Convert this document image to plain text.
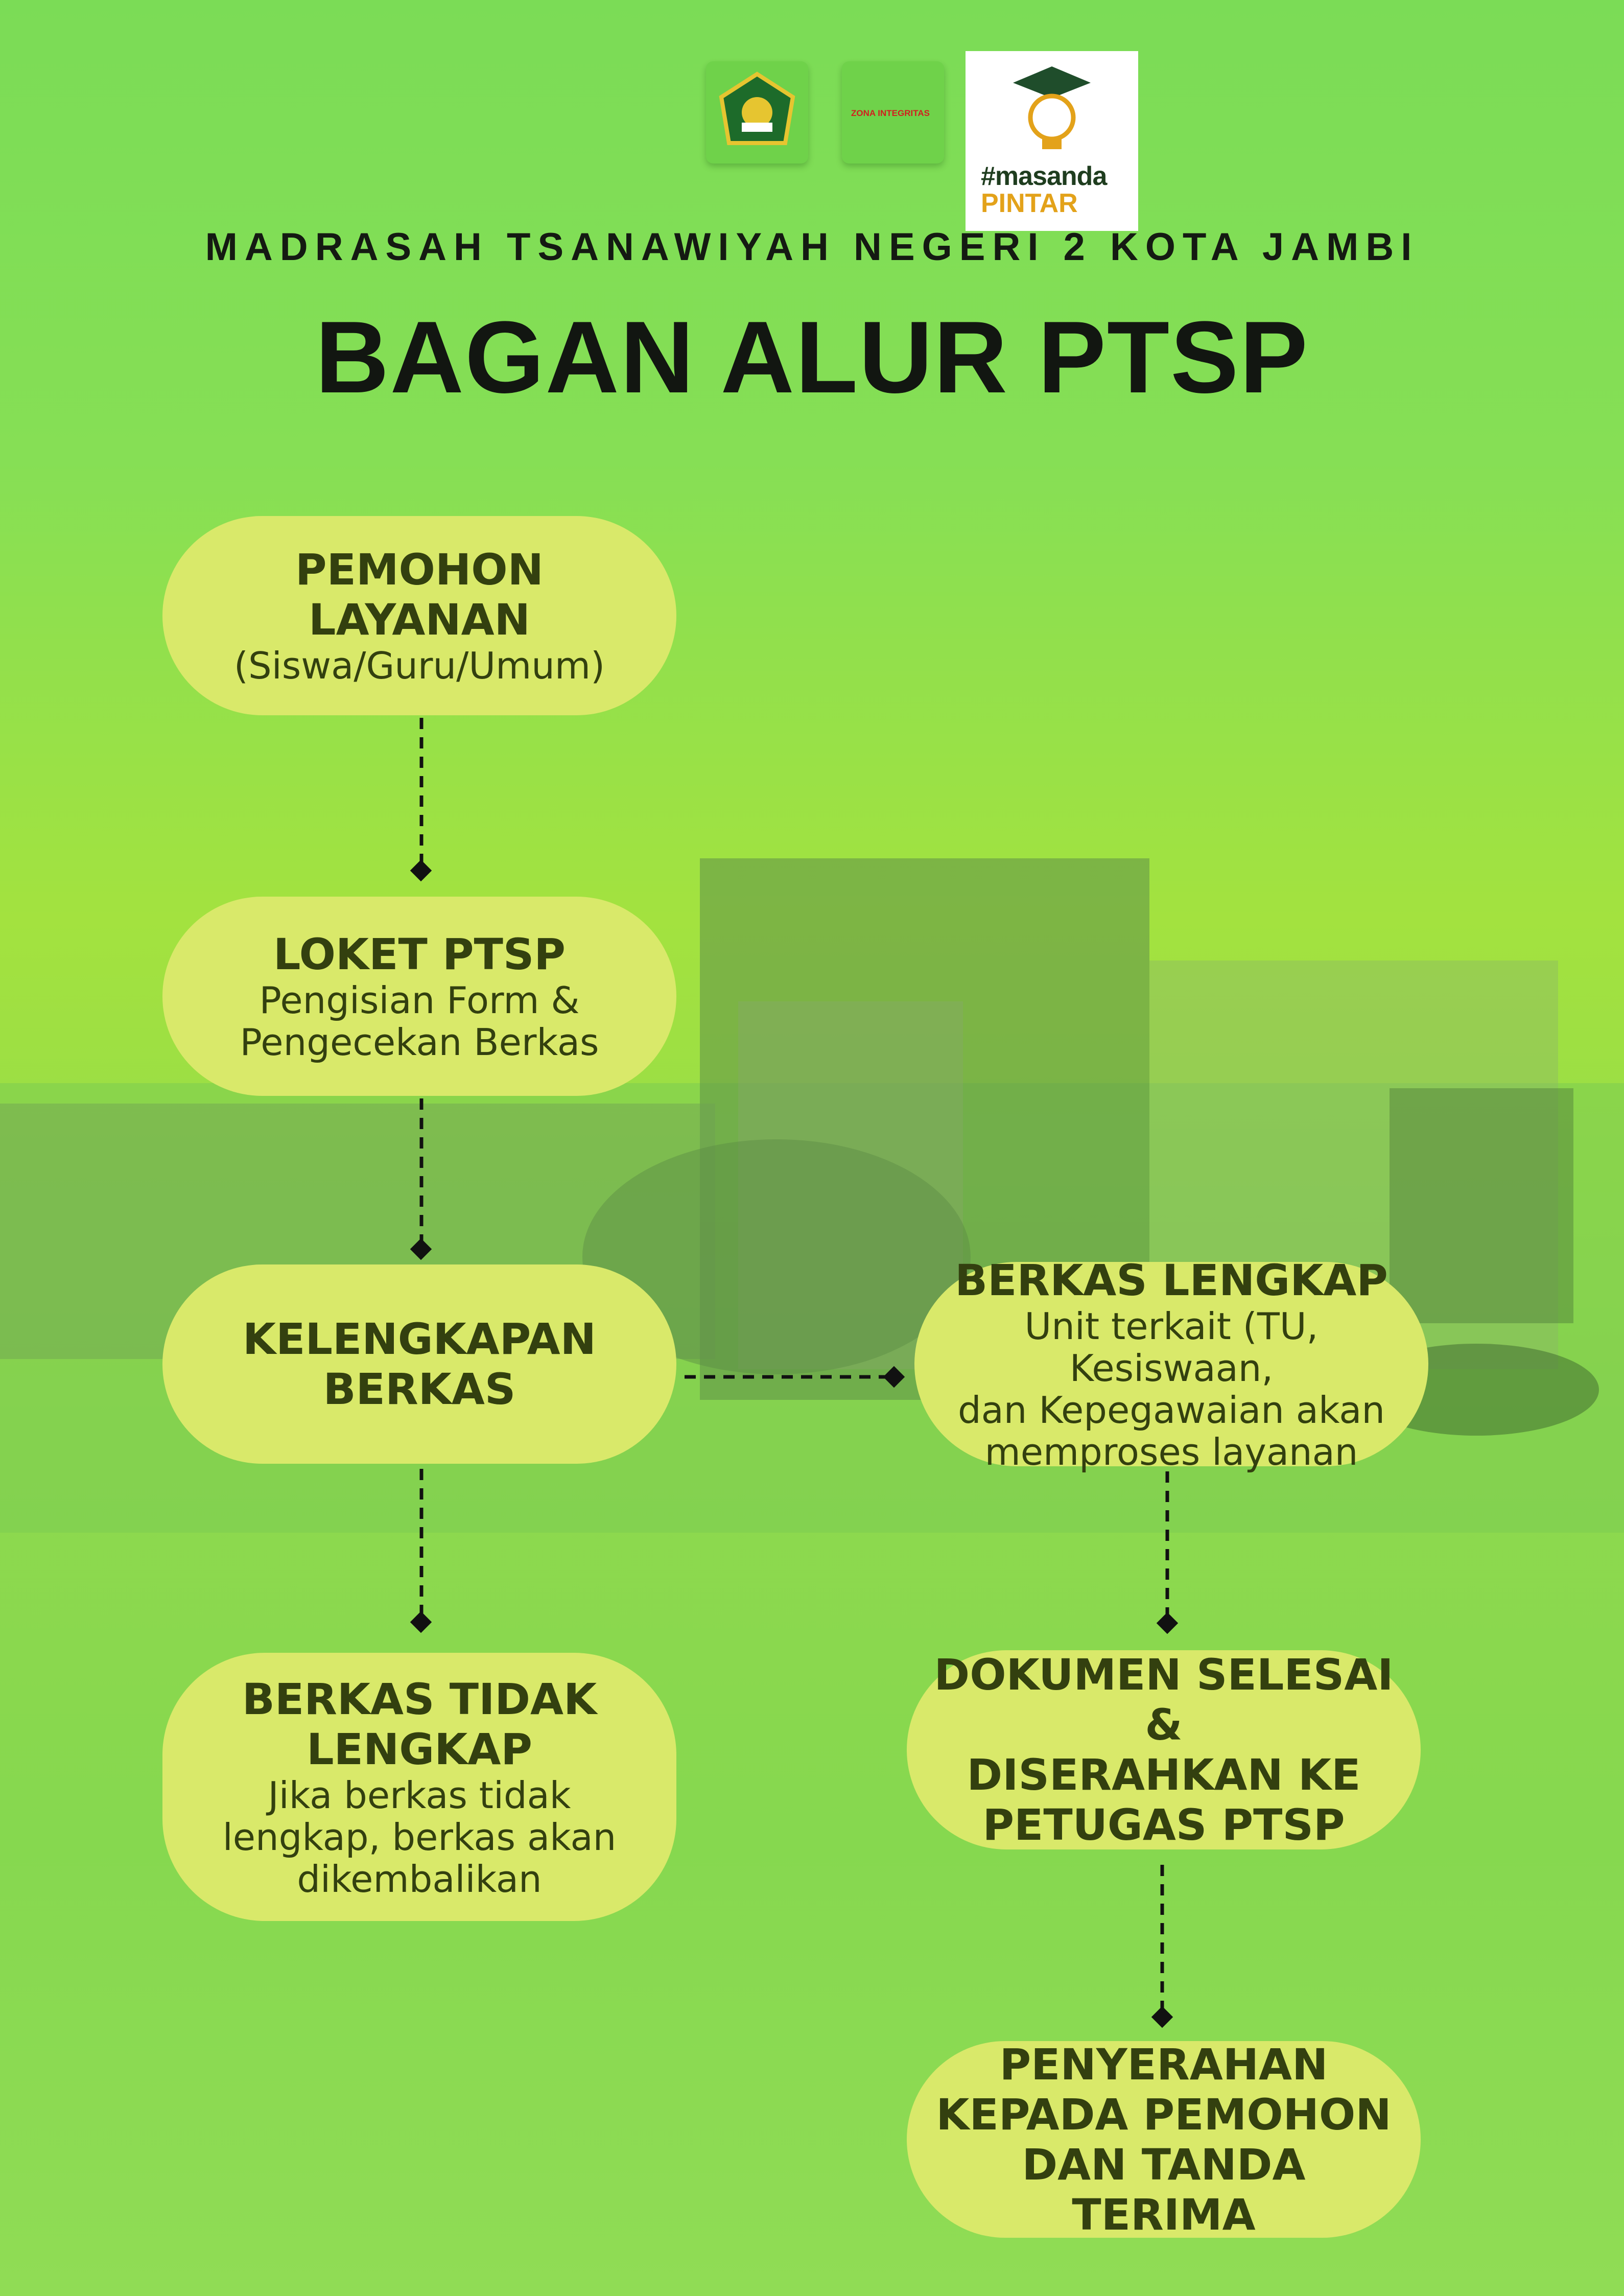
ZONA INTEGRITAS
#masanda
PINTAR
MADRASAH TSANAWIYAH NEGERI 2 KOTA JAMBI
BAGAN ALUR PTSP
PEMOHON LAYANAN
(Siswa/Guru/Umum)
LOKET PTSP
Pengisian Form &
Pengecekan Berkas
KELENGKAPAN
BERKAS
BERKAS TIDAK
LENGKAP
Jika berkas tidak
lengkap, berkas akan
dikembalikan
BERKAS LENGKAP
Unit terkait (TU, Kesiswaan,
dan Kepegawaian akan
memproses layanan
DOKUMEN SELESAI &
DISERAHKAN KE
PETUGAS PTSP
PENYERAHAN
KEPADA PEMOHON
DAN TANDA TERIMA
